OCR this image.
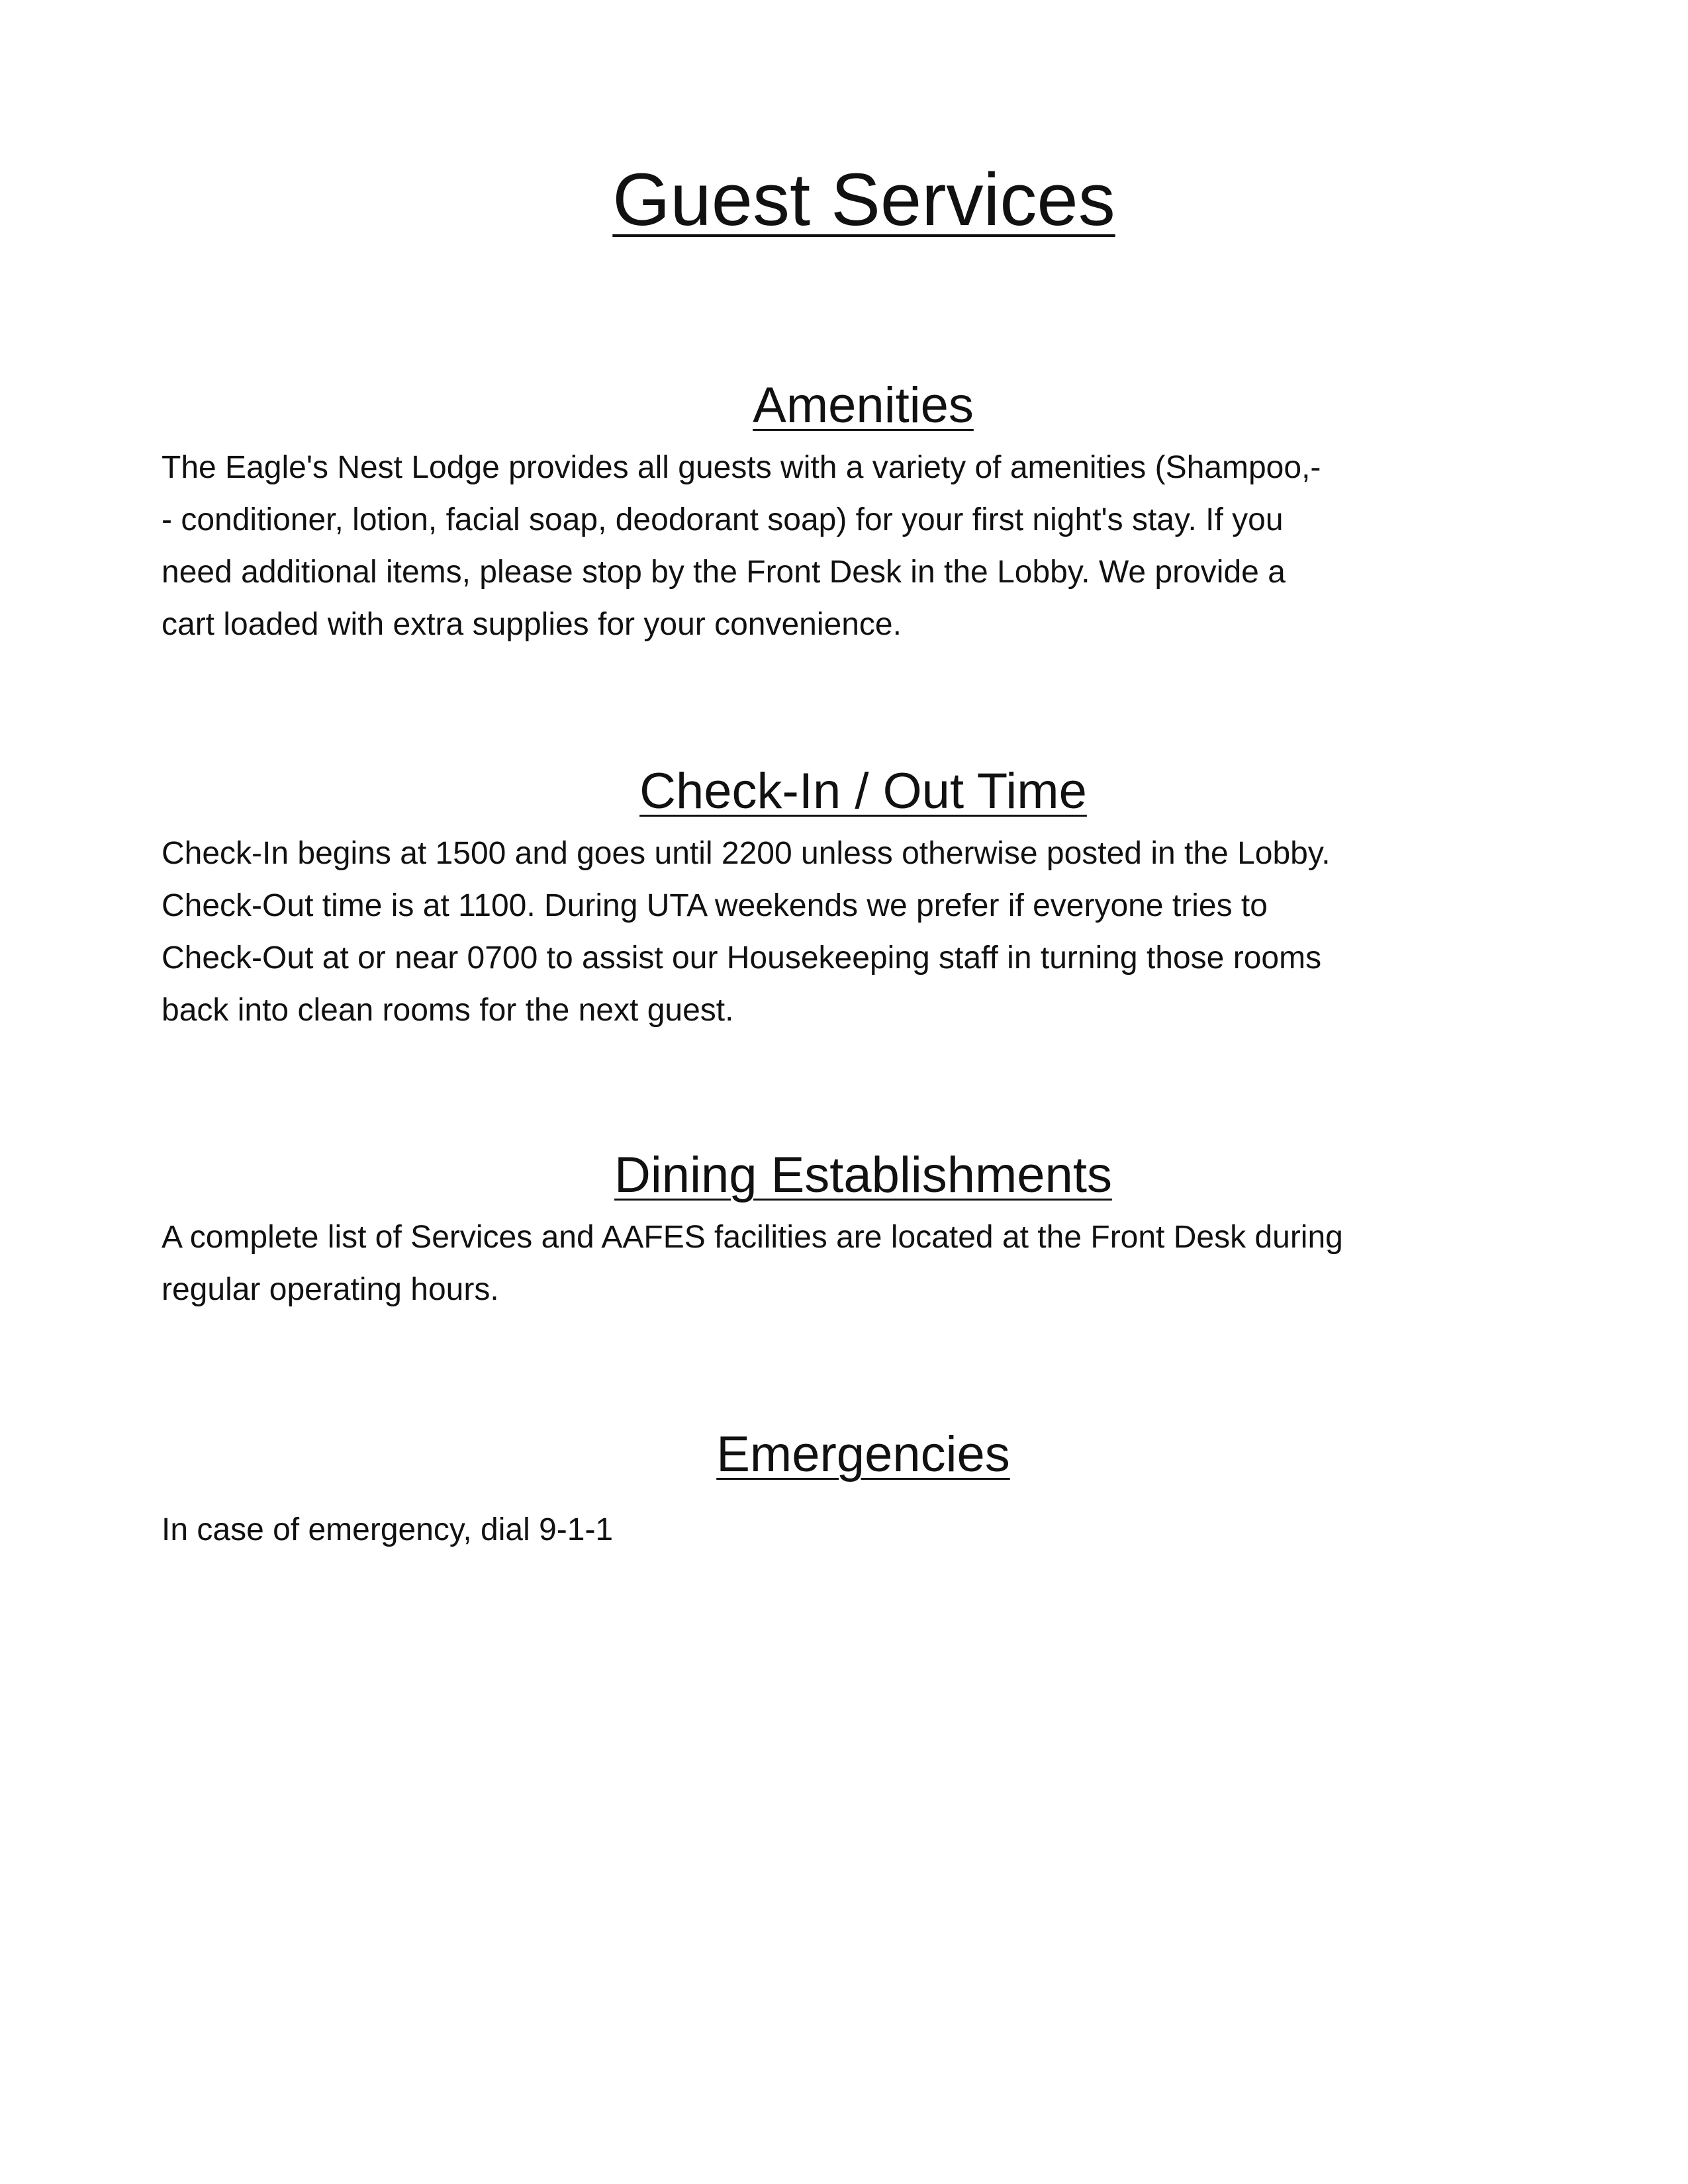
Guest Services
Amenities

The Eagle's Nest Lodge provides all guests with a variety of amenities (Shampoo,-
- conditioner, lotion, facial soap, deodorant soap) for your first night's stay. If you
need additional items, please stop by the Front Desk in the Lobby. We provide a
cart loaded with extra supplies for your convenience.

Check-In / Out Time

Check-In begins at 1500 and goes until 2200 unless otherwise posted in the Lobby.
Check-Out time is at 1100. During UTA weekends we prefer if everyone tries to
Check-Out at or near 0700 to assist our Housekeeping staff in turning those rooms
back into clean rooms for the next guest.

Dining Establishments

A complete list of Services and AAFES facilities are located at the Front Desk during
regular operating hours.

Emergencies

In case of emergency, dial 9-1-1
